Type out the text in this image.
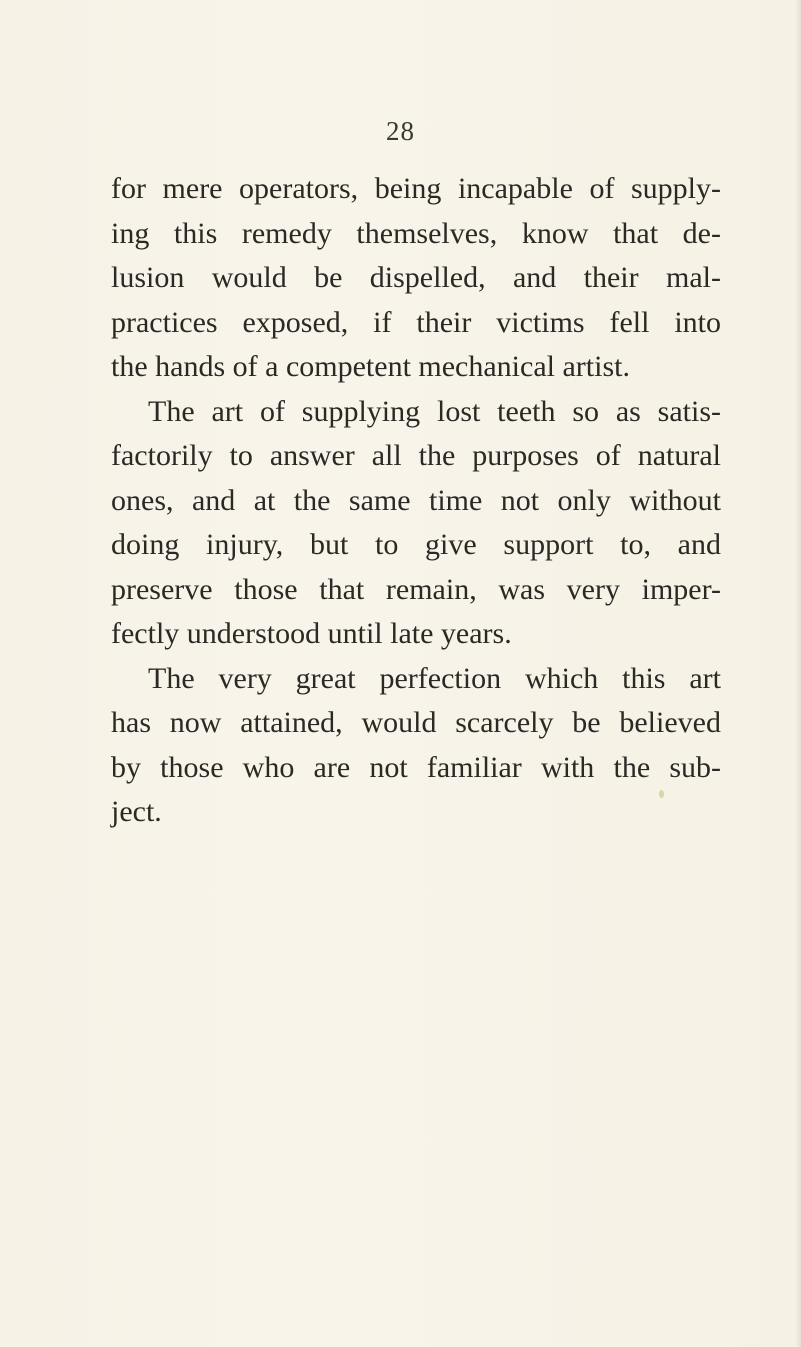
28
for mere operators, being incapable of supply-
ing this remedy themselves, know that de-
lusion would be dispelled, and their mal-
practices exposed, if their victims fell into
the hands of a competent mechanical artist.
The art of supplying lost teeth so as satis-
factorily to answer all the purposes of natural
ones, and at the same time not only without
doing injury, but to give support to, and
preserve those that remain, was very imper-
fectly understood until late years.
The very great perfection which this art
has now attained, would scarcely be believed
by those who are not familiar with the sub-
ject.
